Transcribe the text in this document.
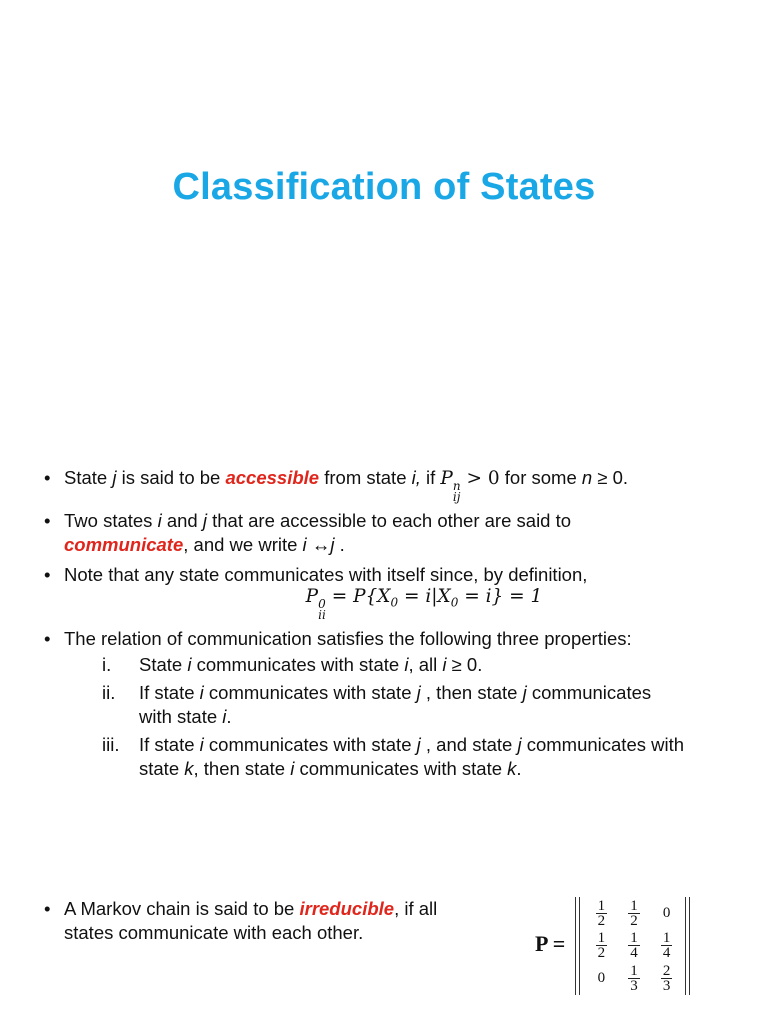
Classification of States
• State j is said to be accessible from state i, if P n
ij
> 0 for some n ≥ 0.
• Two states i and j that are accessible to each other are said to
communicate, and we write i ↔j .
• Note that any state communicates with itself since, by definition,
P 0
ii
= $P\{X_0 = i|X_0 = i\} = 1$
• The relation of communication satisfies the following three properties:
i. State i communicates with state i, all i ≥ 0.
ii. If state i communicates with state j , then state j communicates
with state i.
iii. If state i communicates with state j , and state j communicates with
state k, then state i communicates with state k.
• A Markov chain is said to be irreducible, if all
states communicate with each other.	P =
$\frac{1}{2} \frac{1}{2} 0$
$\frac{1}{2} \frac{1}{4} \frac{1}{4}$
$0 \frac{1}{3} \frac{2}{3}$
